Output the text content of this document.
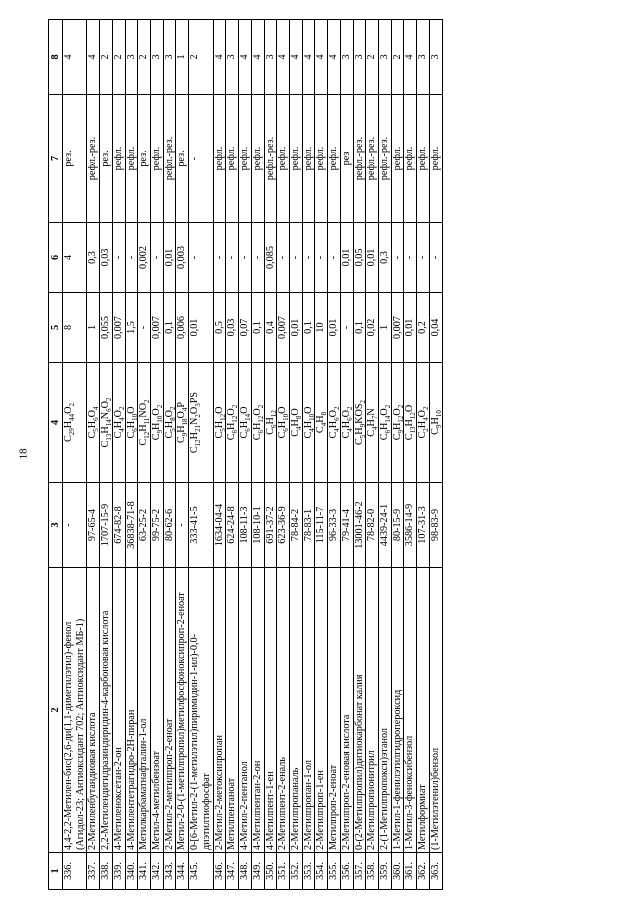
18
1	2	3	4	5	6	7	8
336.	4,4-2,2-Метилен-бис(2,6-ди(1,1-диметилэтил)-фенол (Агидол-23; Антиоксидант 702; Антиоксидант МБ-1)	-	$C_{29}H_{44}O_2$	8	4	рез.	4
337.	2-Метиленбутандиовая кислота	97-65-4	$C_5H_6O_4$	1	0,3	рефл.-рез.	4
338.	2,2-Метилендигидразиндиридин-4-карбоновая кислота	1707-15-9	$C_{13}H_{14}N_6O_2$	0,055	0,03	рез.	2
339.	4-Метиленоксетан-2-он	674-82-8	$C_4H_4O_2$	0,007	-	рефл.	2
340.	4-Метилентетрагидро-2Н-пиран	36838-71-8	$C_6H_{10}O$	1,5	-	рефл.	3
341.	Метилкарбаматнафталин-1-ол	63-25-2	$C_{12}H_{11}NO_2$	-	0,002	рез.	2
342.	Метил-4-метилбензоат	99-75-2	$C_9H_{10}O_2$	0,007	-	рефл.	3
343.	2-Метил-2-метилпроп-2-еноат	80-62-6	$C_5H_8O_2$	0,1	0,01	рефл.-рез.	3
344.	Метил-2-0-(1-метилпропил)метилфосфоноксипроп-2-еноат	-	$C_9H_{18}O_4P$	0,006	0,003	рез.	1
345.	0-[6-Метил-2-(1-метилэтил)пиримидин-1-ил)-0,0-диэтилтиофосфат	333-41-5	$C_{12}H_{21}N_2O_3PS$	0,01	-	-	2
346.	2-Метил-2-метоксипропан	1634-04-4	$C_5H_{12}O$	0,5	-	рефл.	4
347.	Метилпентаноат	624-24-8	$C_6H_{12}O_2$	0,03	-	рефл.	3
348.	4-Метил-2-пентанол	108-11-3	$C_6H_{14}O$	0,07	-	рефл.	4
349.	4-Метилпентан-2-он	108-10-1	$C_6H_{12}O_2$	0,1	-	рефл.	4
350.	4-Метилпент-1-ен	691-37-2	$C_6H_{12}$	0,4	0,085	рефл.-рез.	3
351.	2-Метилпент-2-еналь	623-36-9	$C_6H_{10}O$	0,007	-	рефл.	4
352.	2-Метилпропаналь	78-84-2	$C_4H_8O$	0,01	-	рефл.	4
353.	2-Метилпропан-1-ол	78-83-1	$C_4H_{10}O$	0,1	-	рефл.	4
354.	2-Метилпроп-1-ен	115-11-7	$C_4H_8$	10	-	рефл.	4
355.	Метилпроп-2-еноат	96-33-3	$C_4H_6O_2$	0,01	-	рефл.	4
356.	2-Метилпроп-2-еновая кислота	79-41-4	$C_4H_6O_2$	-	0,01	рез	3
357.	0-(2-Метилпропил)дитиокарбонат калия	13001-46-2	$C_5H_9KOS_2$	0,1	0,05	рефл.-рез.	3
358.	2-Метилпропионитрил	78-82-0	$C_4H_7N$	0,02	0,01	рефл.-рез.	2
359.	2-(1-Метилпропокси)этанол	4439-24-1	$C_6H_{14}O_2$	1	0,3	рефл.-рез.	3
360.	1-Метил-1-фенилэтилгидропероксид	80-15-9	$C_9H_{12}O_2$	0,007	-	рефл.	2
361.	1-Метил-3-феноксибензол	3586-14-9	$C_{13}H_{12}O$	0,01	-	рефл.	4
362.	Метилформиат	107-31-3	$C_2H_4O_2$	0,2	-	рефл.	3
363.	(1-Метилэтенил)бензол	98-83-9	$C_9H_{10}$	0,04	-	рефл.	3
